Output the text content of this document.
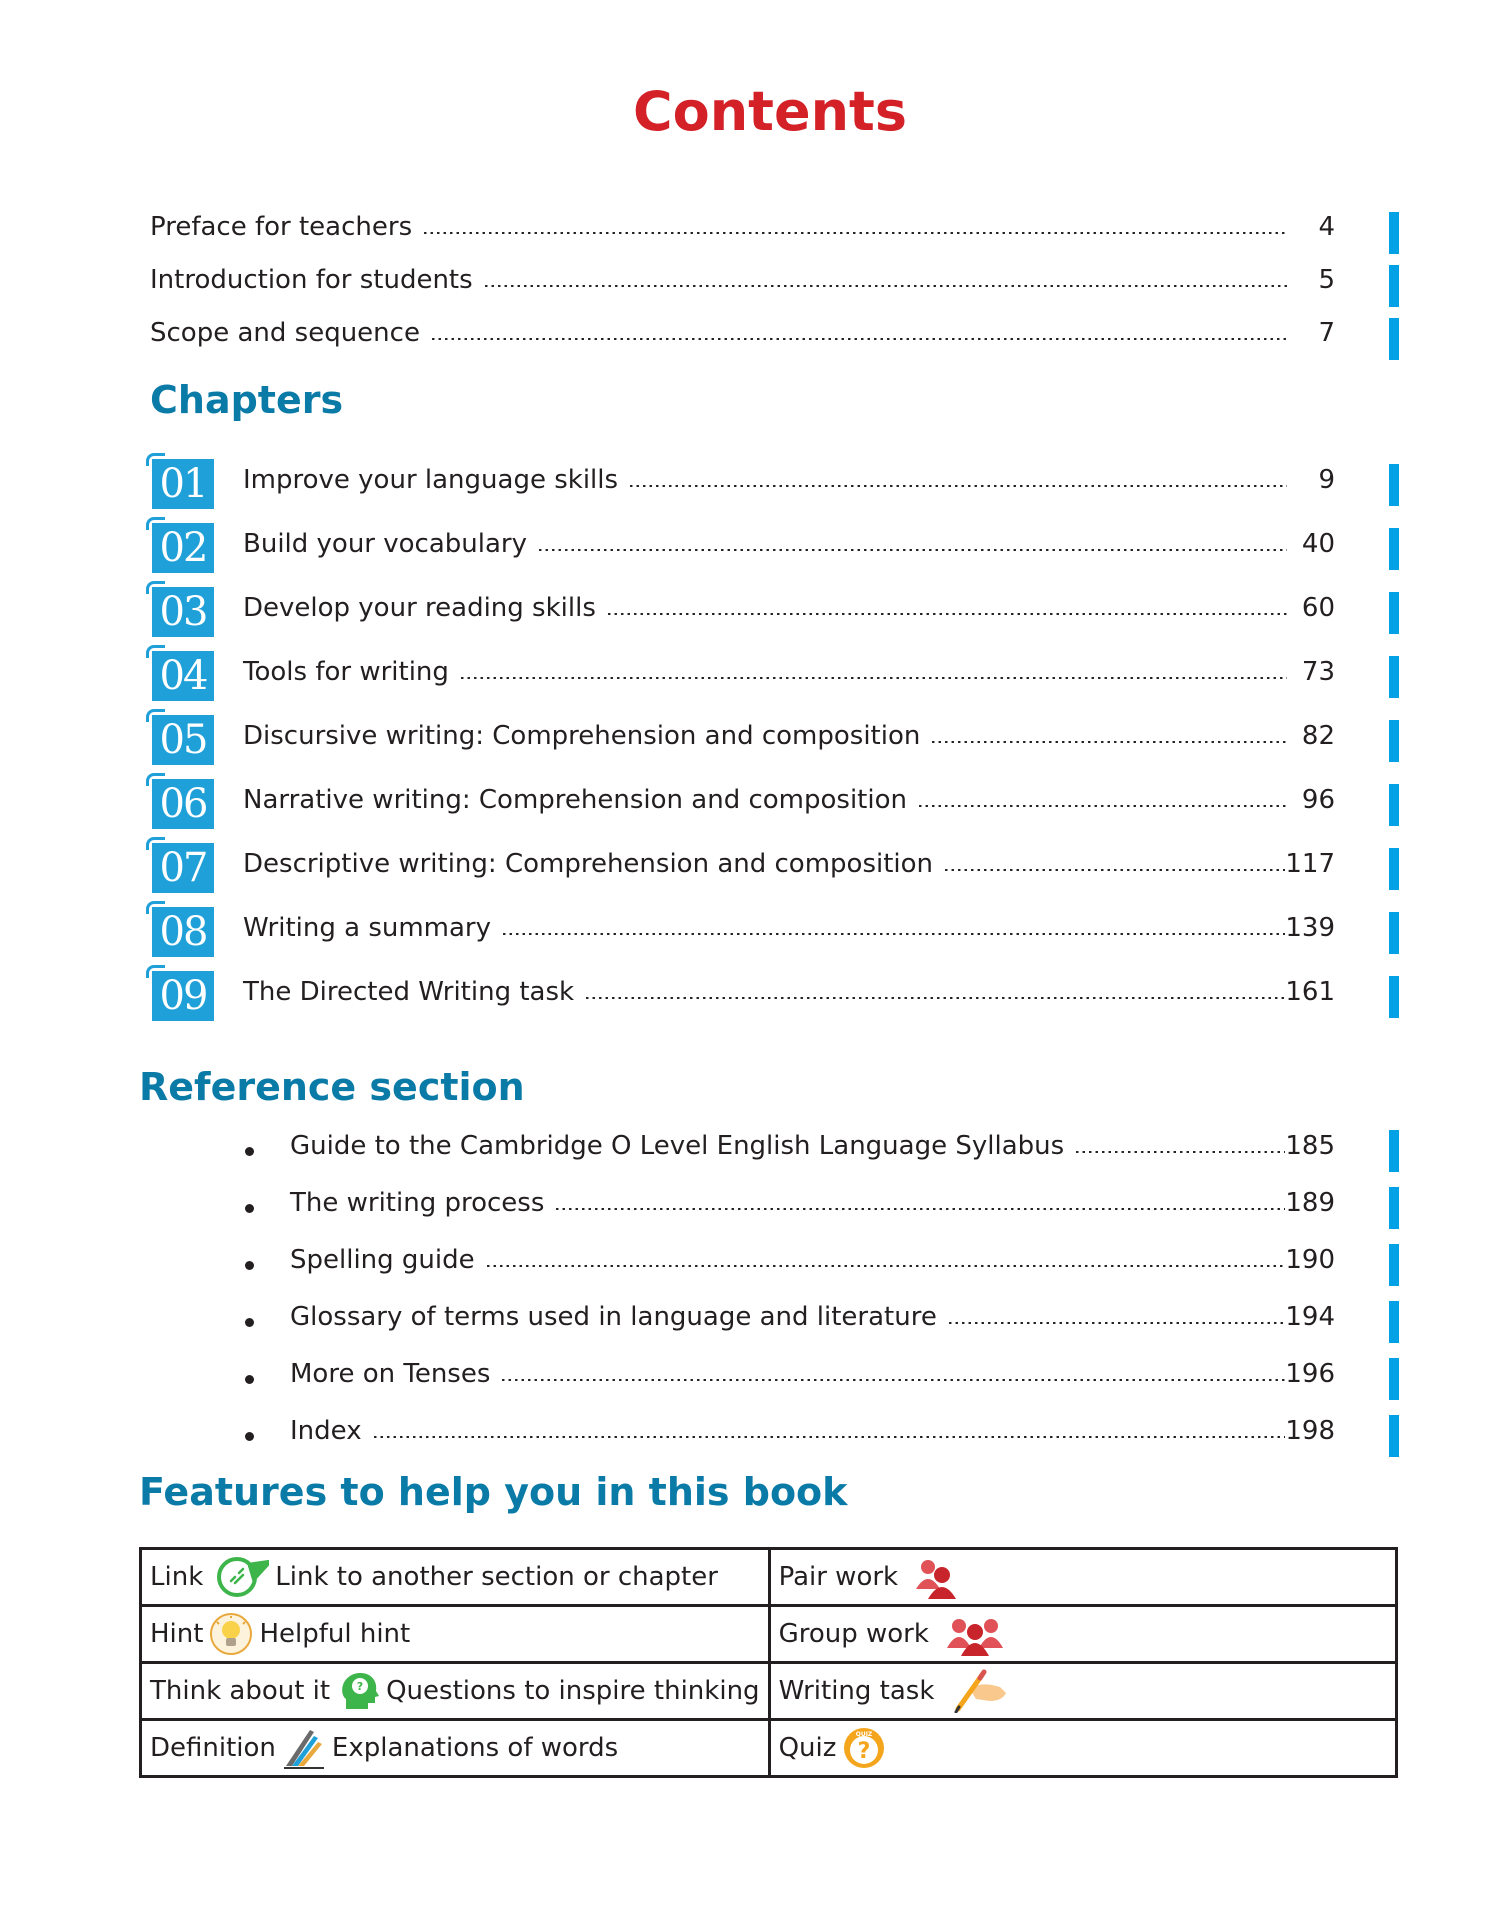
Contents
Preface for teachers	4
Introduction for students	5
Scope and sequence	7
Chapters
01 Improve your language skills	9
02 Build your vocabulary	40
03 Develop your reading skills	60
04 Tools for writing	73
05 Discursive writing: Comprehension and composition	82
06 Narrative writing: Comprehension and composition	96
07 Descriptive writing: Comprehension and composition	117
08 Writing a summary	139
09 The Directed Writing task	161
Reference section
Guide to the Cambridge O Level English Language Syllabus	185
The writing process	189
Spelling guide	190
Glossary of terms used in language and literature	194
More on Tenses	196
Index	198
Features to help you in this book
Link Link to another section or chapter	Pair work

Hint Helpful hint	Group work

Think about it ? Questions to inspire thinking	Writing task

Definition Explanations of words	Quiz QUIZ
?
